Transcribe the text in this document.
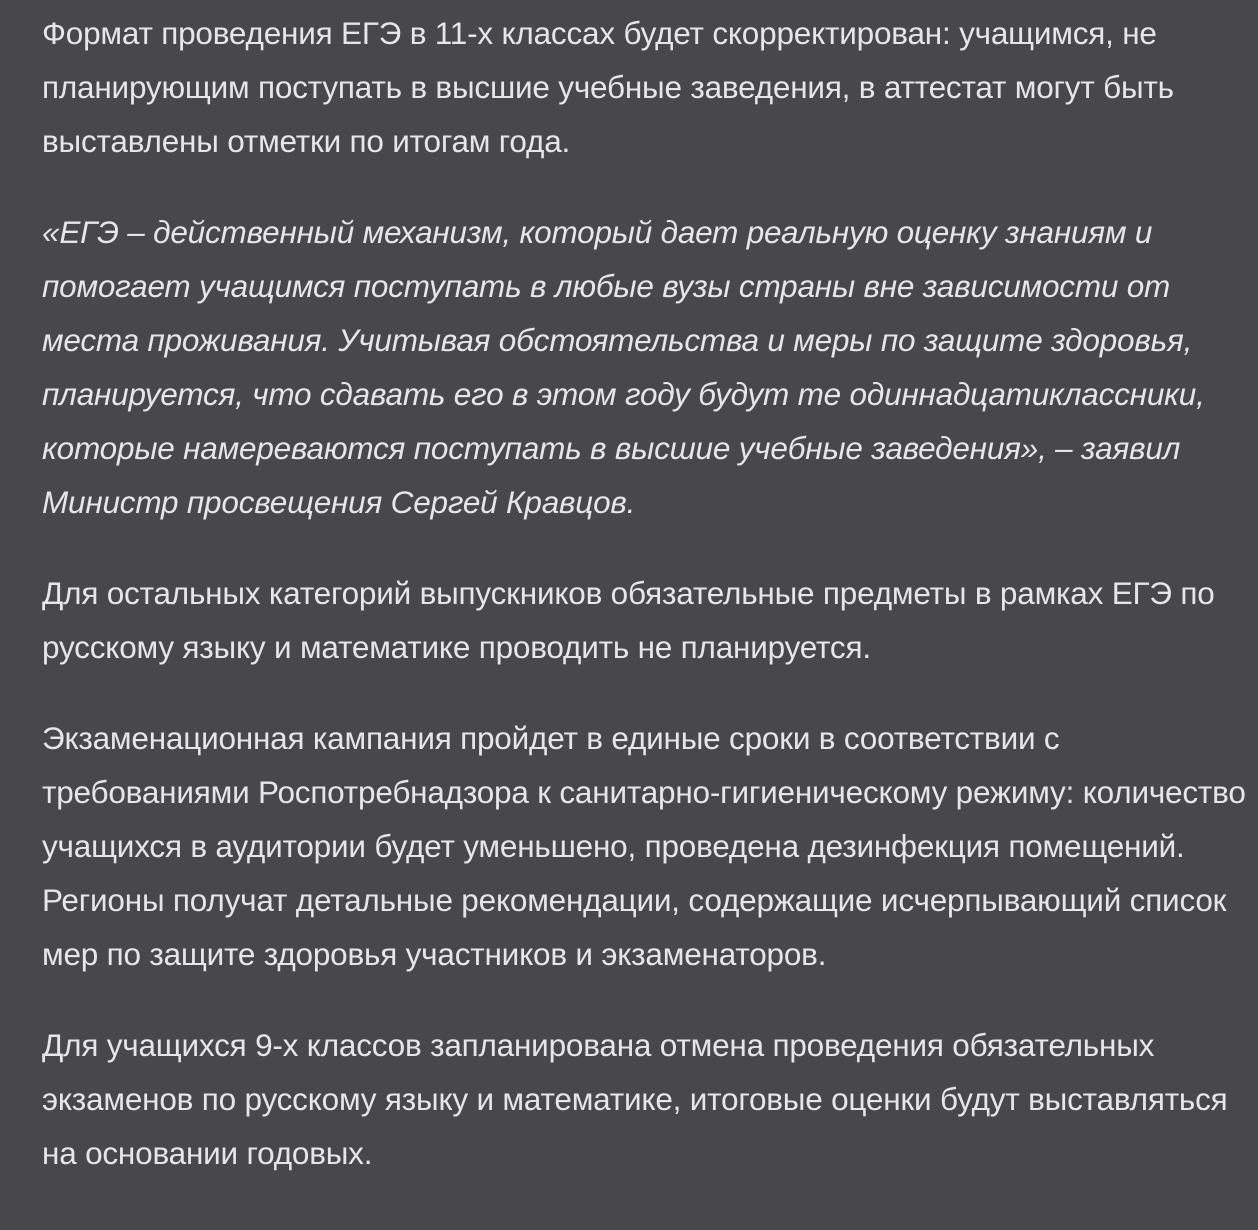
Формат проведения ЕГЭ в 11-х классах будет скорректирован: учащимся, не планирующим поступать в высшие учебные заведения, в аттестат могут быть выставлены отметки по итогам года.

«ЕГЭ – действенный механизм, который дает реальную оценку знаниям и помогает учащимся поступать в любые вузы страны вне зависимости от места проживания. Учитывая обстоятельства и меры по защите здоровья, планируется, что сдавать его в этом году будут те одиннадцатиклассники, которые намереваются поступать в высшие учебные заведения», – заявил Министр просвещения Сергей Кравцов.

Для остальных категорий выпускников обязательные предметы в рамках ЕГЭ по русскому языку и математике проводить не планируется.

Экзаменационная кампания пройдет в единые сроки в соответствии с требованиями Роспотребнадзора к санитарно-гигиеническому режиму: количество учащихся в аудитории будет уменьшено, проведена дезинфекция помещений. Регионы получат детальные рекомендации, содержащие исчерпывающий список мер по защите здоровья участников и экзаменаторов.

Для учащихся 9-х классов запланирована отмена проведения обязательных экзаменов по русскому языку и математике, итоговые оценки будут выставляться на основании годовых.
